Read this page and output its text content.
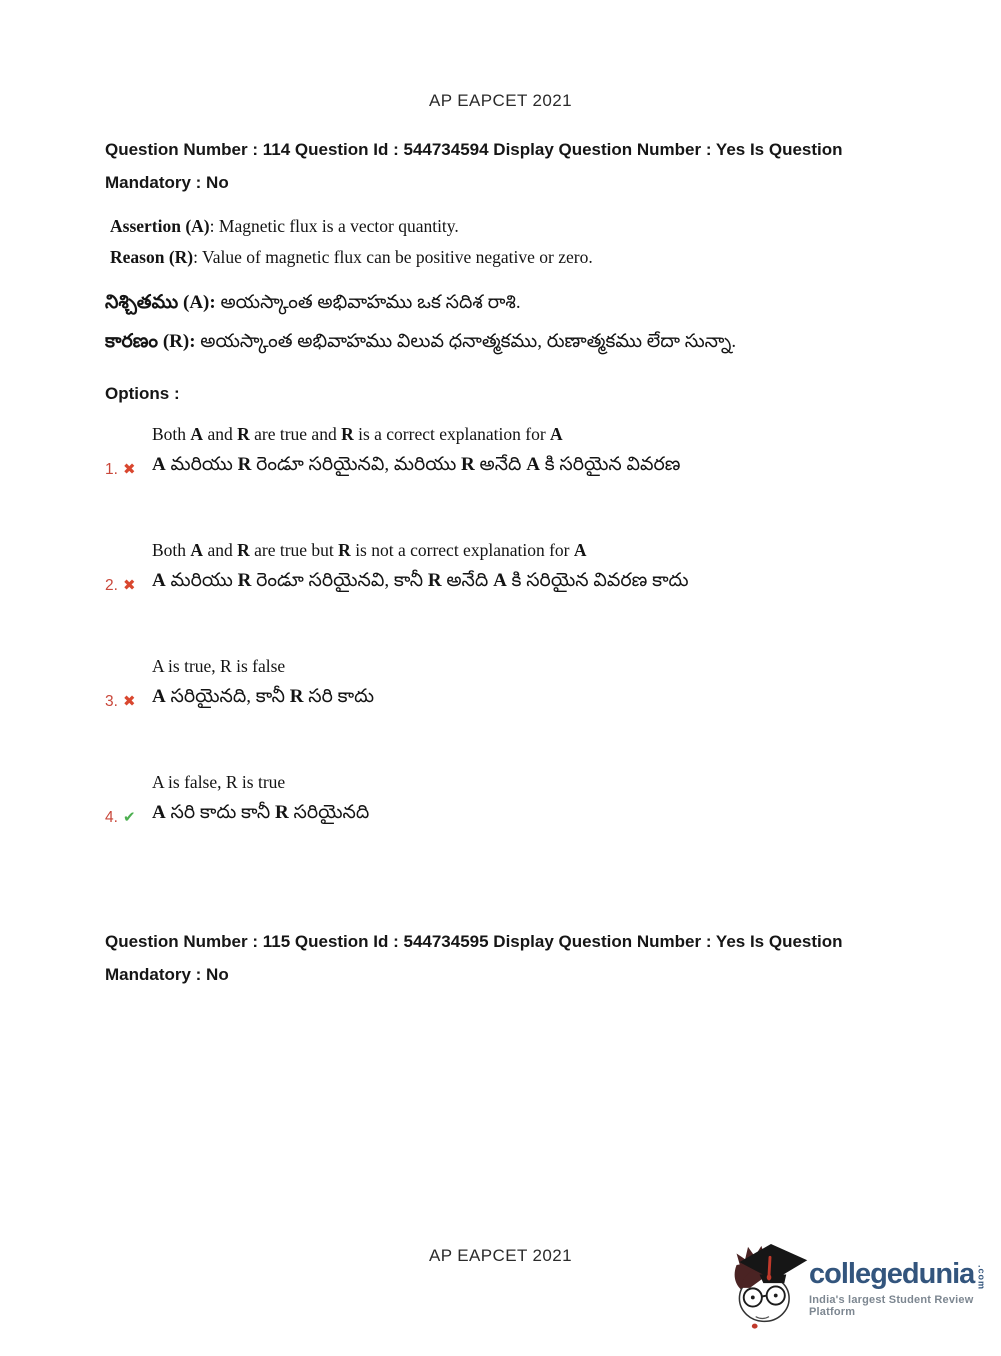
AP EAPCET 2021
Question Number : 114 Question Id : 544734594 Display Question Number : Yes Is Question
Mandatory : No
Assertion (A): Magnetic flux is a vector quantity.
Reason (R): Value of magnetic flux can be positive negative or zero.
నిశ్చితము (A): అయస్కాంత అభివాహము ఒక సదిశ రాశి.
కారణం (R): అయస్కాంత అభివాహము విలువ ధనాత్మకము, రుణాత్మకము లేదా సున్నా.
Options :
1. ✖
Both A and R are true and R is a correct explanation for A
A మరియు R రెండూ సరియైనవి, మరియు R అనేది A కి సరియైన వివరణ
2. ✖
Both A and R are true but R is not a correct explanation for A
A మరియు R రెండూ సరియైనవి, కానీ R అనేది A కి సరియైన వివరణ కాదు
3. ✖
A is true, R is false
A సరియైనది, కానీ R సరి కాదు
4. ✔
A is false, R is true
A సరి కాదు కానీ R సరియైనది
Question Number : 115 Question Id : 544734595 Display Question Number : Yes Is Question
Mandatory : No
AP EAPCET 2021
collegedunia .com
India's largest Student Review Platform
